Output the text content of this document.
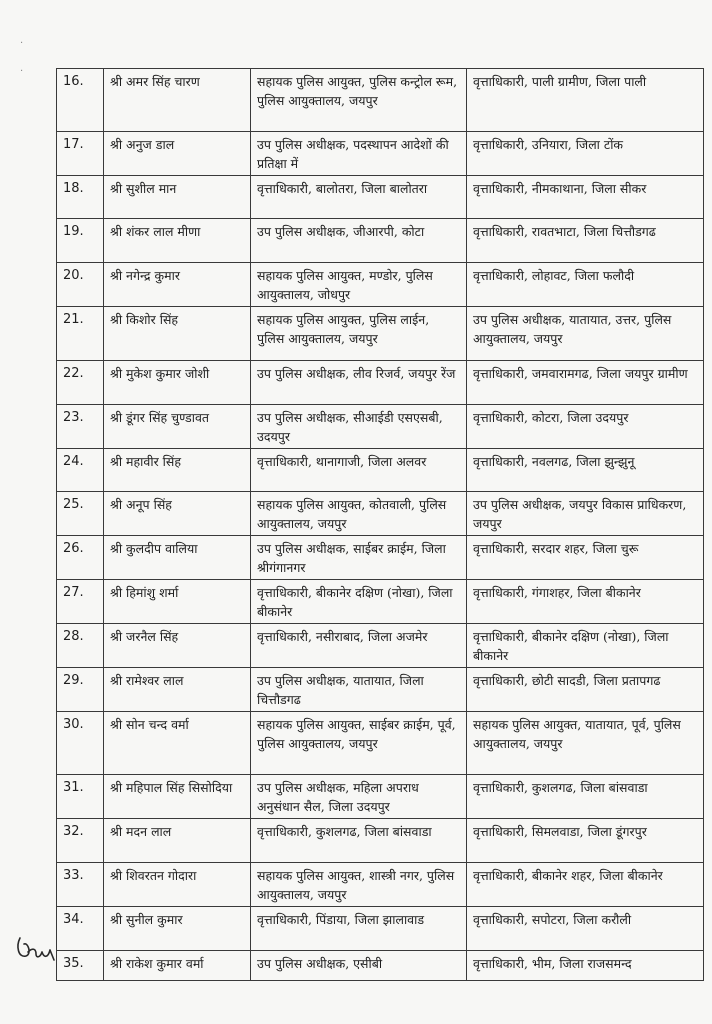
·
·
16.	श्री अमर सिंह चारण	सहायक पुलिस आयुक्त, पुलिस कन्ट्रोल रूम, पुलिस आयुक्तालय, जयपुर	वृत्ताधिकारी, पाली ग्रामीण, जिला पाली
17.	श्री अनुज डाल	उप पुलिस अधीक्षक, पदस्थापन आदेशों की प्रतिक्षा में	वृत्ताधिकारी, उनियारा, जिला टोंक
18.	श्री सुशील मान	वृत्ताधिकारी, बालोतरा, जिला बालोतरा	वृत्ताधिकारी, नीमकाथाना, जिला सीकर
19.	श्री शंकर लाल मीणा	उप पुलिस अधीक्षक, जीआरपी, कोटा	वृत्ताधिकारी, रावतभाटा, जिला चित्तौडगढ
20.	श्री नगेन्द्र कुमार	सहायक पुलिस आयुक्त, मण्डोर, पुलिस आयुक्तालय, जोधपुर	वृत्ताधिकारी, लोहावट, जिला फलौदी
21.	श्री किशोर सिंह	सहायक पुलिस आयुक्त, पुलिस लाईन, पुलिस आयुक्तालय, जयपुर	उप पुलिस अधीक्षक, यातायात, उत्तर, पुलिस आयुक्तालय, जयपुर
22.	श्री मुकेश कुमार जोशी	उप पुलिस अधीक्षक, लीव रिजर्व, जयपुर रेंज	वृत्ताधिकारी, जमवारामगढ, जिला जयपुर ग्रामीण
23.	श्री डूंगर सिंह चुण्डावत	उप पुलिस अधीक्षक, सीआईडी एसएसबी, उदयपुर	वृत्ताधिकारी, कोटरा, जिला उदयपुर
24.	श्री महावीर सिंह	वृत्ताधिकारी, थानागाजी, जिला अलवर	वृत्ताधिकारी, नवलगढ, जिला झुन्झुनू
25.	श्री अनूप सिंह	सहायक पुलिस आयुक्त, कोतवाली, पुलिस आयुक्तालय, जयपुर	उप पुलिस अधीक्षक, जयपुर विकास प्राधिकरण, जयपुर
26.	श्री कुलदीप वालिया	उप पुलिस अधीक्षक, साईबर क्राईम, जिला श्रीगंगानगर	वृत्ताधिकारी, सरदार शहर, जिला चुरू
27.	श्री हिमांशु शर्मा	वृत्ताधिकारी, बीकानेर दक्षिण (नोखा), जिला बीकानेर	वृत्ताधिकारी, गंगाशहर, जिला बीकानेर
28.	श्री जरनैल सिंह	वृत्ताधिकारी, नसीराबाद, जिला अजमेर	वृत्ताधिकारी, बीकानेर दक्षिण (नोखा), जिला बीकानेर
29.	श्री रामेश्वर लाल	उप पुलिस अधीक्षक, यातायात, जिला चित्तौडगढ	वृत्ताधिकारी, छोटी सादडी, जिला प्रतापगढ
30.	श्री सोन चन्द वर्मा	सहायक पुलिस आयुक्त, साईबर क्राईम, पूर्व, पुलिस आयुक्तालय, जयपुर	सहायक पुलिस आयुक्त, यातायात, पूर्व, पुलिस आयुक्तालय, जयपुर
31.	श्री महिपाल सिंह सिसोदिया	उप पुलिस अधीक्षक, महिला अपराध अनुसंधान सैल, जिला उदयपुर	वृत्ताधिकारी, कुशलगढ, जिला बांसवाडा
32.	श्री मदन लाल	वृत्ताधिकारी, कुशलगढ, जिला बांसवाडा	वृत्ताधिकारी, सिमलवाडा, जिला डूंगरपुर
33.	श्री शिवरतन गोदारा	सहायक पुलिस आयुक्त, शास्त्री नगर, पुलिस आयुक्तालय, जयपुर	वृत्ताधिकारी, बीकानेर शहर, जिला बीकानेर
34.	श्री सुनील कुमार	वृत्ताधिकारी, पिंडाया, जिला झालावाड	वृत्ताधिकारी, सपोटरा, जिला करौली
35.	श्री राकेश कुमार वर्मा	उप पुलिस अधीक्षक, एसीबी	वृत्ताधिकारी, भीम, जिला राजसमन्द
